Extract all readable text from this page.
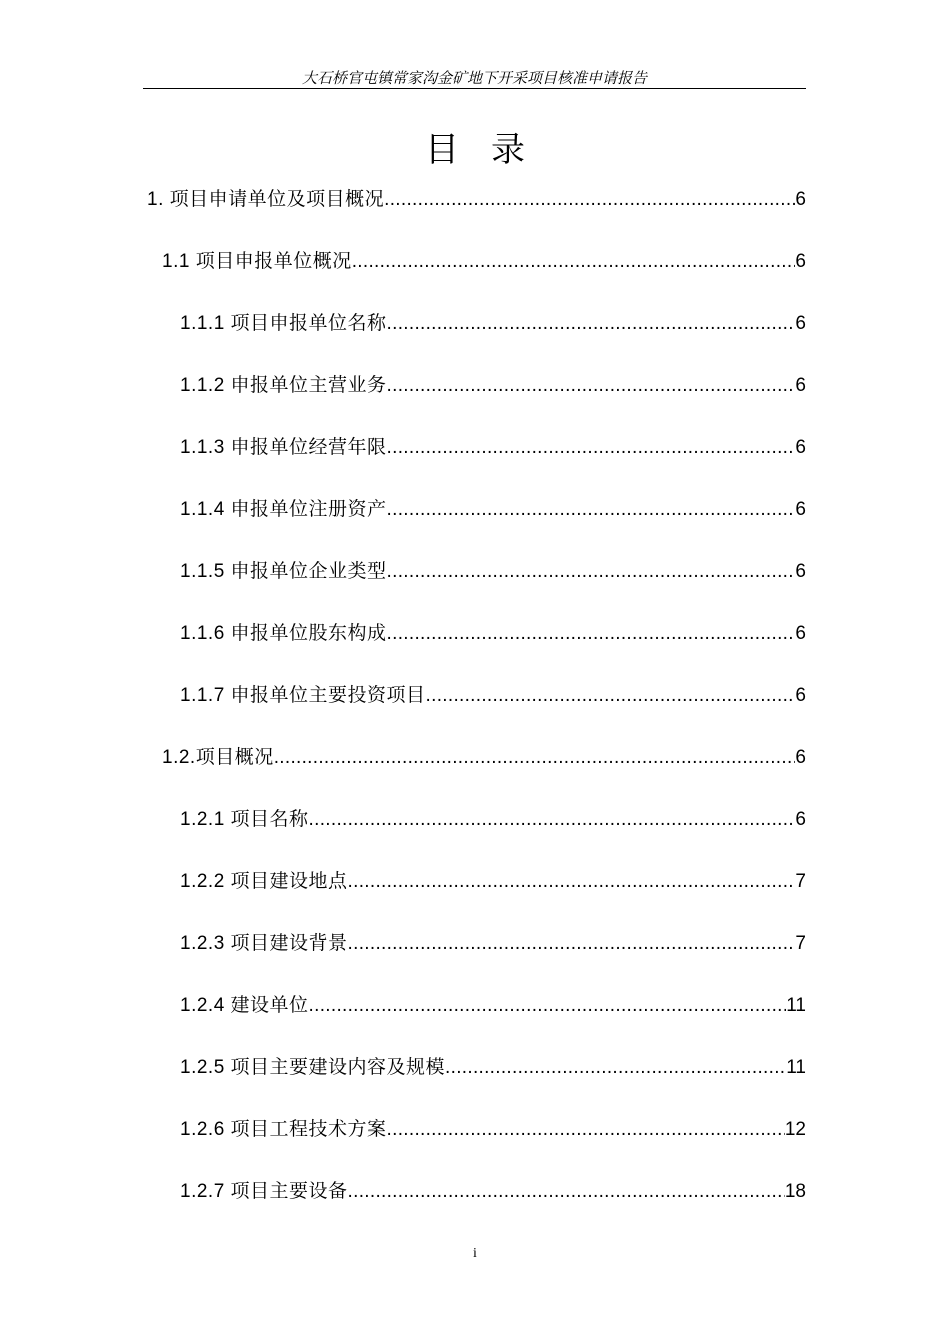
大石桥官屯镇常家沟金矿地下开采项目核准申请报告
目录
1. 项目申请单位及项目概况 .....	6
1.1 项目申报单位概况 .....	6
1.1.1 项目申报单位名称 .....	6
1.1.2 申报单位主营业务 .....	6
1.1.3 申报单位经营年限 .....	6
1.1.4 申报单位注册资产 .....	6
1.1.5 申报单位企业类型 .....	6
1.1.6 申报单位股东构成 .....	6
1.1.7 申报单位主要投资项目 .....	6
1.2.项目概况 .....	6
1.2.1 项目名称 .....	6
1.2.2 项目建设地点 .....	7
1.2.3 项目建设背景 .....	7
1.2.4 建设单位 .....	11
1.2.5 项目主要建设内容及规模 .....	11
1.2.6 项目工程技术方案 .....	12
1.2.7 项目主要设备 .....	18
i
